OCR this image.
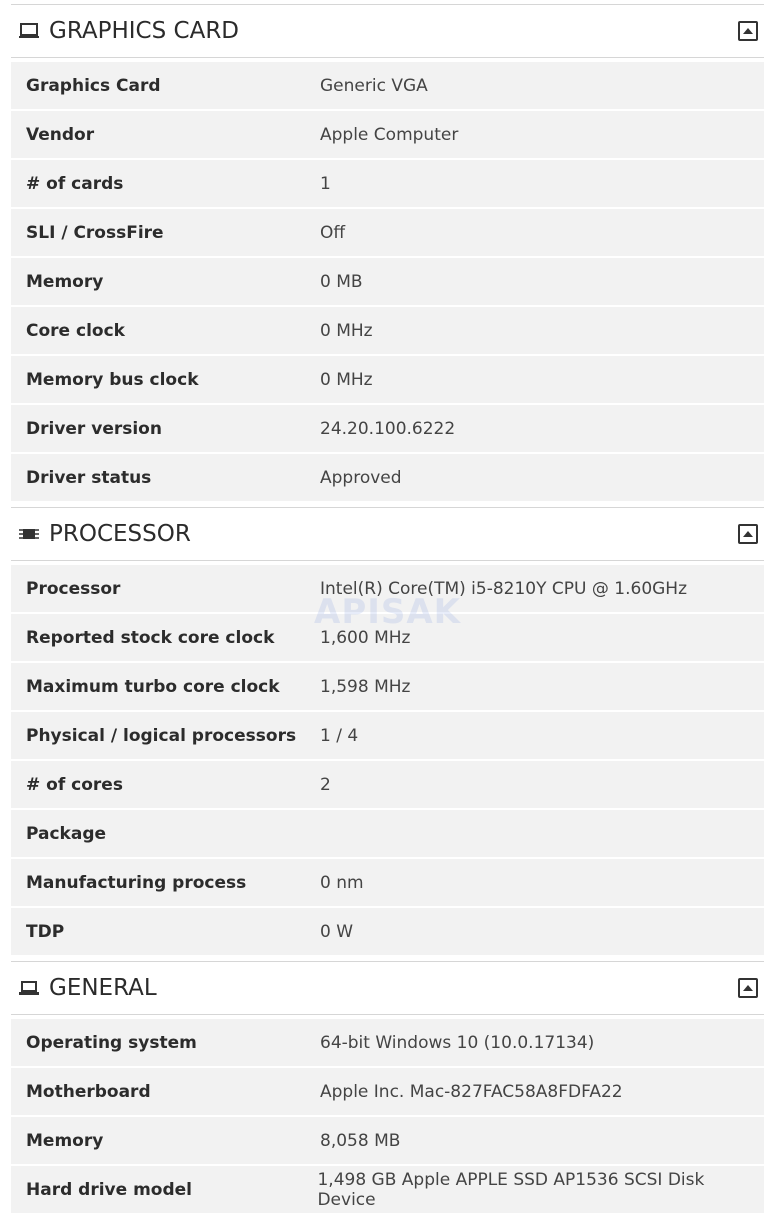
GRAPHICS CARD
Graphics Card	Generic VGA
Vendor	Apple Computer
# of cards	1
SLI / CrossFire	Off
Memory	0 MB
Core clock	0 MHz
Memory bus clock	0 MHz
Driver version	24.20.100.6222
Driver status	Approved
PROCESSOR
Processor	Intel(R) Core(TM) i5-8210Y CPU @ 1.60GHz
Reported stock core clock	1,600 MHz
Maximum turbo core clock	1,598 MHz
Physical / logical processors	1 / 4
# of cores	2
Package
Manufacturing process	0 nm
TDP	0 W
GENERAL
Operating system	64-bit Windows 10 (10.0.17134)
Motherboard	Apple Inc. Mac-827FAC58A8FDFA22
Memory	8,058 MB
Hard drive model	1,498 GB Apple APPLE SSD AP1536 SCSI Disk Device
